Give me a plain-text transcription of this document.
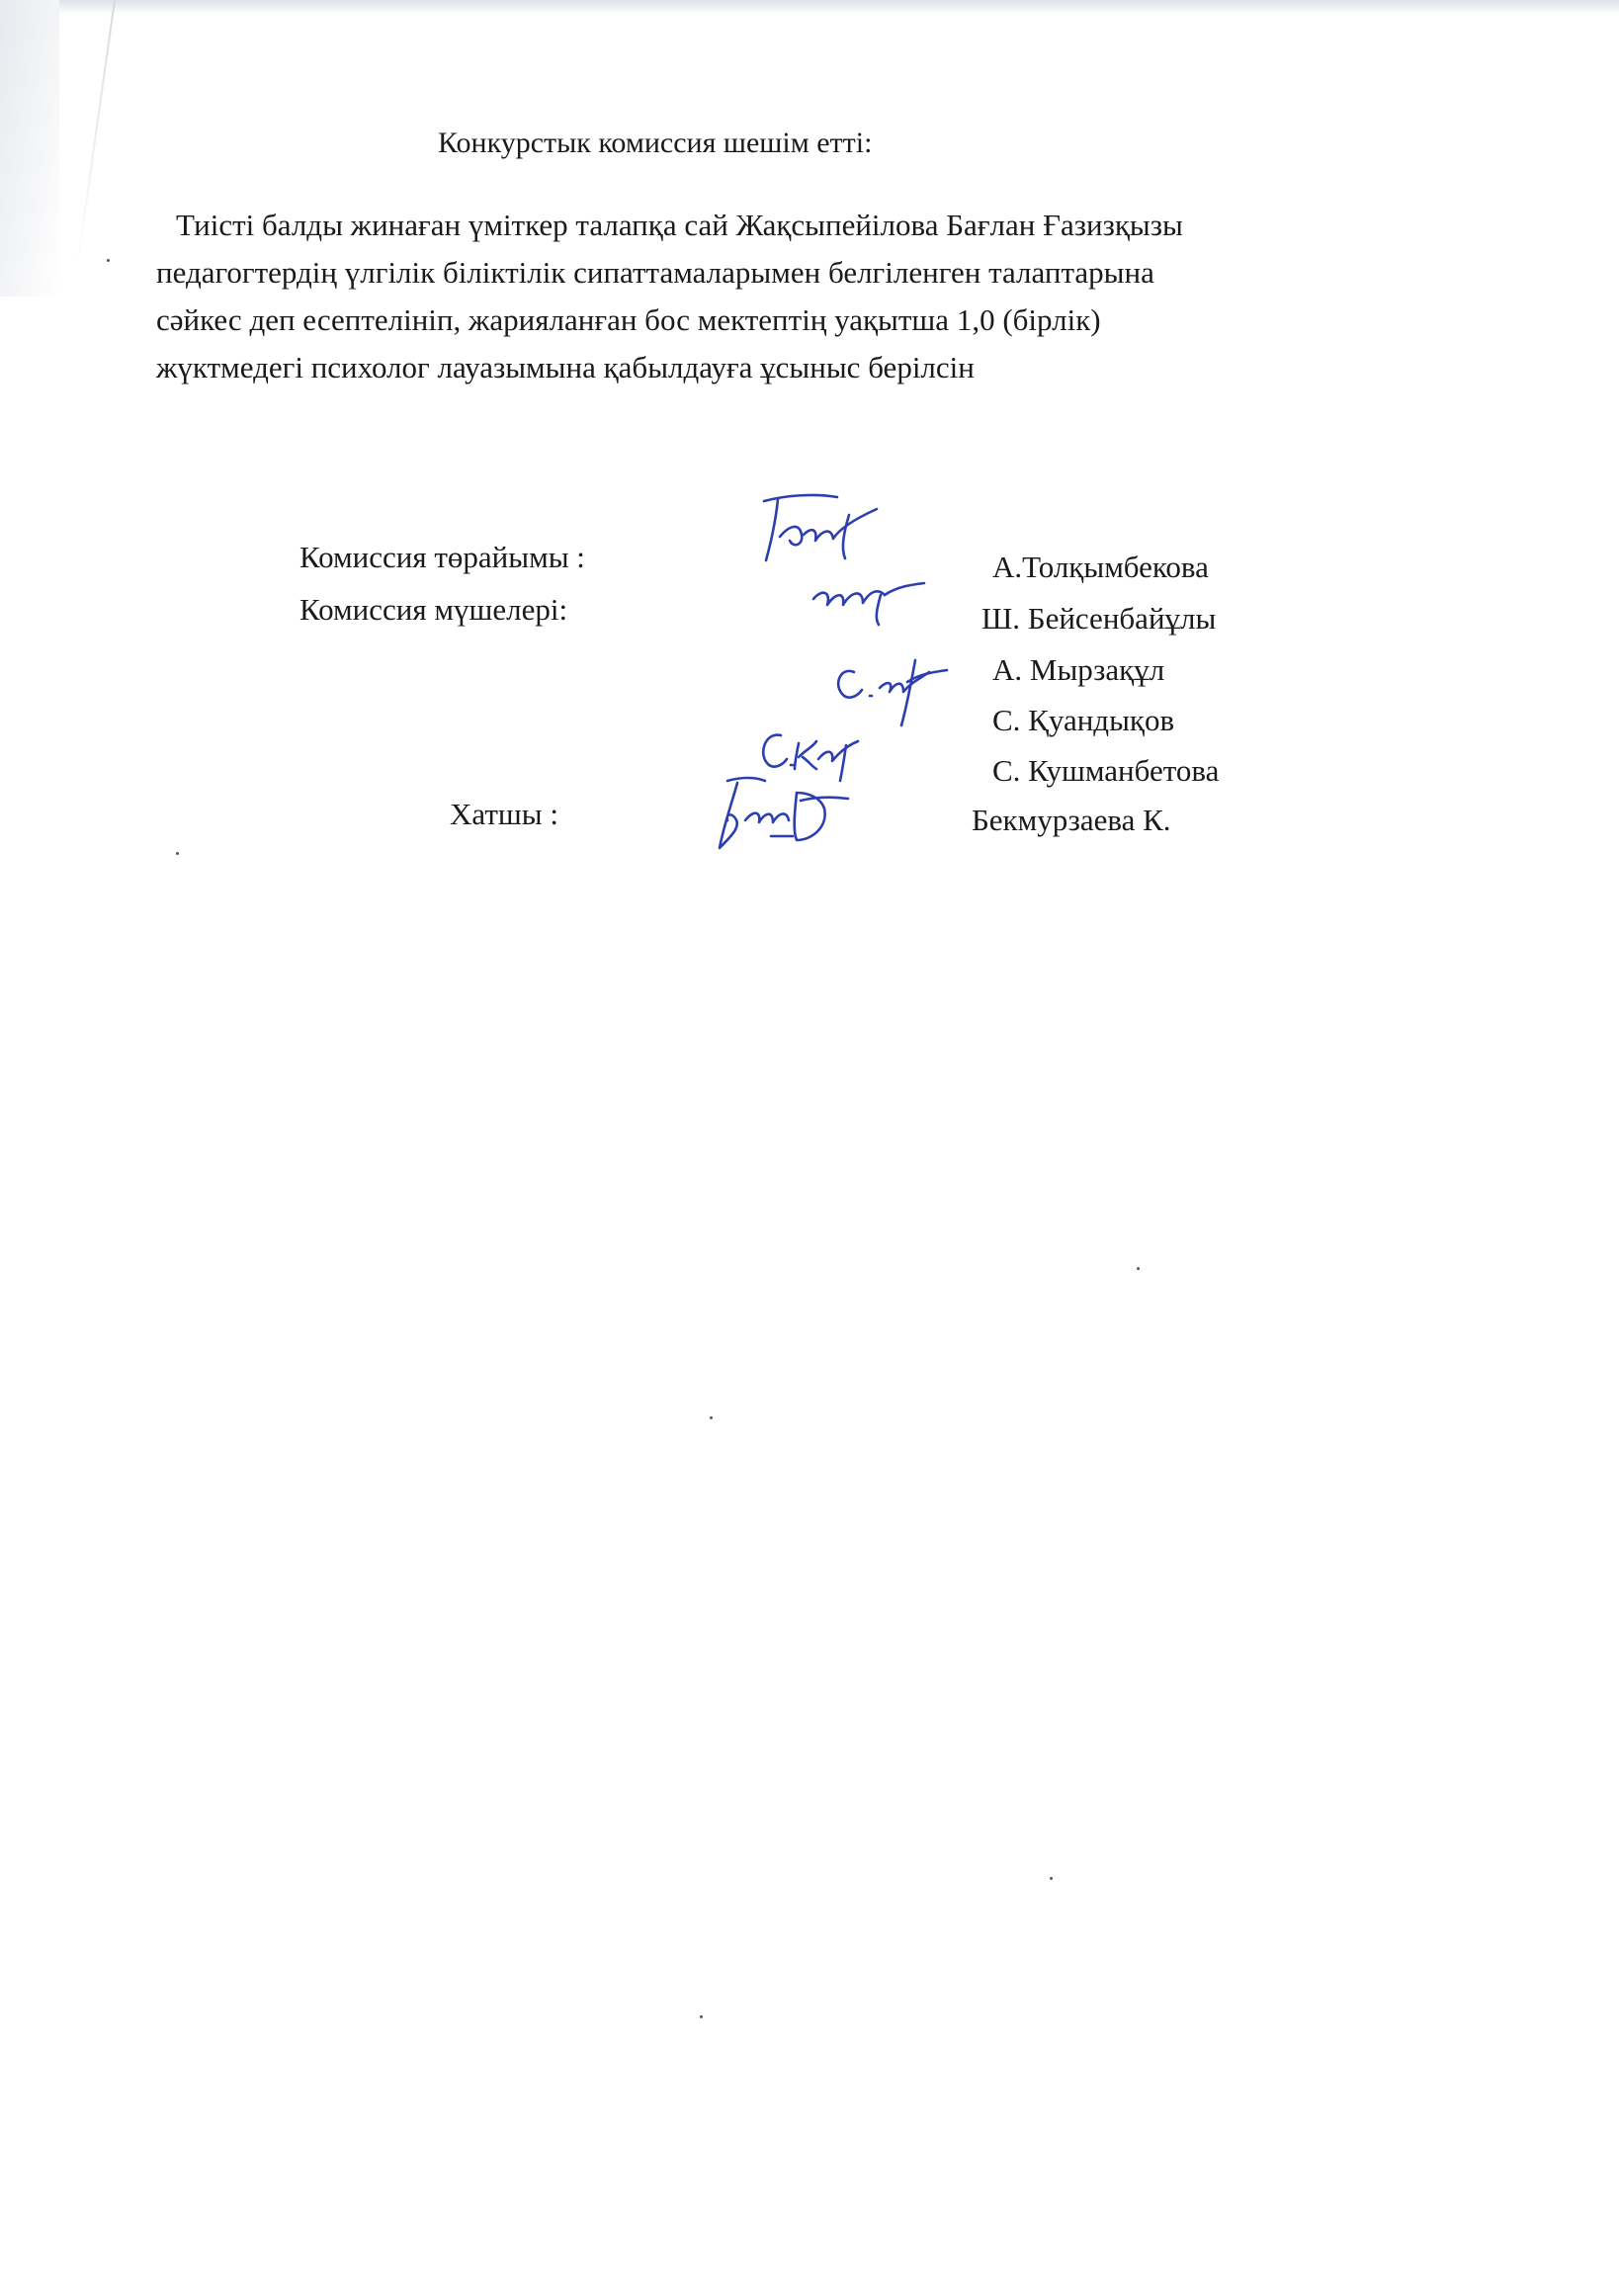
Конкурстык комиссия шешім етті:
Тиісті балды жинаған үміткер талапқа сай Жақсыпейілова Бағлан Ғазизқызы
педагогтердің үлгілік біліктілік сипаттамаларымен белгіленген талаптарына
сәйкес деп есептелініп, жарияланған бос мектептің уақытша 1,0 (бірлік)
жүктмедегі психолог лауазымына қабылдауға ұсыныс берілсін
Комиссия төрайымы :
Комиссия мүшелері:
Хатшы :
А.Толқымбекова
Ш. Бейсенбайұлы
А. Мырзақұл
С. Қуандықов
С. Кушманбетова
Бекмурзаева К.
